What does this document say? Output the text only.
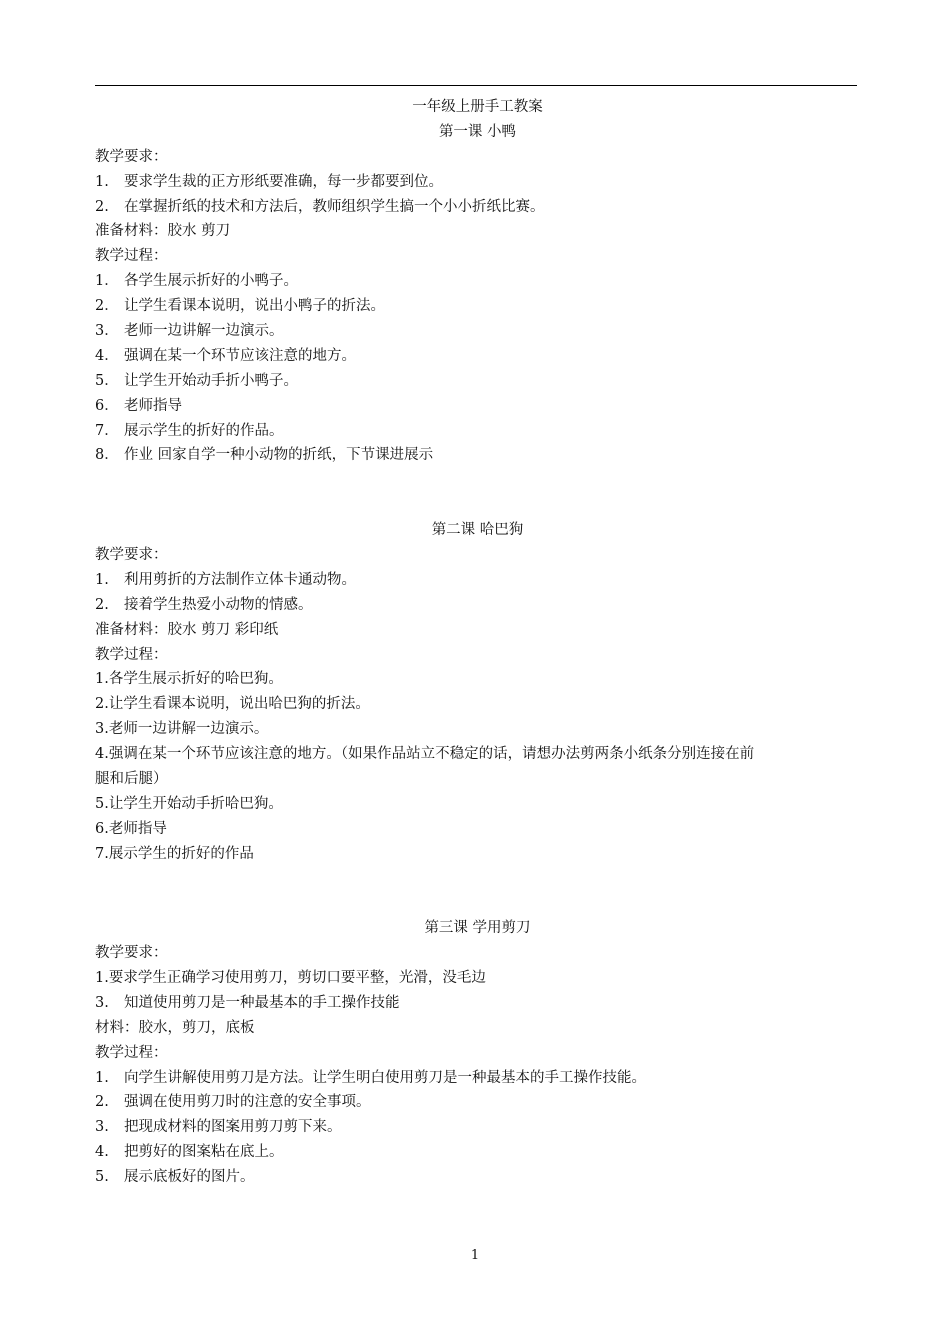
一年级上册手工教案
第一课 小鸭
教学要求：
1. 要求学生裁的正方形纸要准确，每一步都要到位。
2. 在掌握折纸的技术和方法后，教师组织学生搞一个小小折纸比赛。
准备材料：胶水 剪刀
教学过程：
1． 各学生展示折好的小鸭子。
2． 让学生看课本说明，说出小鸭子的折法。
3． 老师一边讲解一边演示。
4． 强调在某一个环节应该注意的地方。
5． 让学生开始动手折小鸭子。
6． 老师指导
7． 展示学生的折好的作品。
8． 作业 回家自学一种小动物的折纸，下节课进展示
第二课 哈巴狗
教学要求：
1. 利用剪折的方法制作立体卡通动物。
2. 接着学生热爱小动物的情感。
准备材料：胶水 剪刀 彩印纸
教学过程：
1.各学生展示折好的哈巴狗。
2.让学生看课本说明，说出哈巴狗的折法。
3.老师一边讲解一边演示。
4.强调在某一个环节应该注意的地方。（如果作品站立不稳定的话，请想办法剪两条小纸条分别连接在前
腿和后腿）
5.让学生开始动手折哈巴狗。
6.老师指导
7.展示学生的折好的作品
第三课 学用剪刀
教学要求：
1.要求学生正确学习使用剪刀，剪切口要平整，光滑，没毛边
3. 知道使用剪刀是一种最基本的手工操作技能
材料：胶水，剪刀，底板
教学过程：
1. 向学生讲解使用剪刀是方法。让学生明白使用剪刀是一种最基本的手工操作技能。
2. 强调在使用剪刀时的注意的安全事项。
3. 把现成材料的图案用剪刀剪下来。
4. 把剪好的图案粘在底上。
5. 展示底板好的图片。
1
